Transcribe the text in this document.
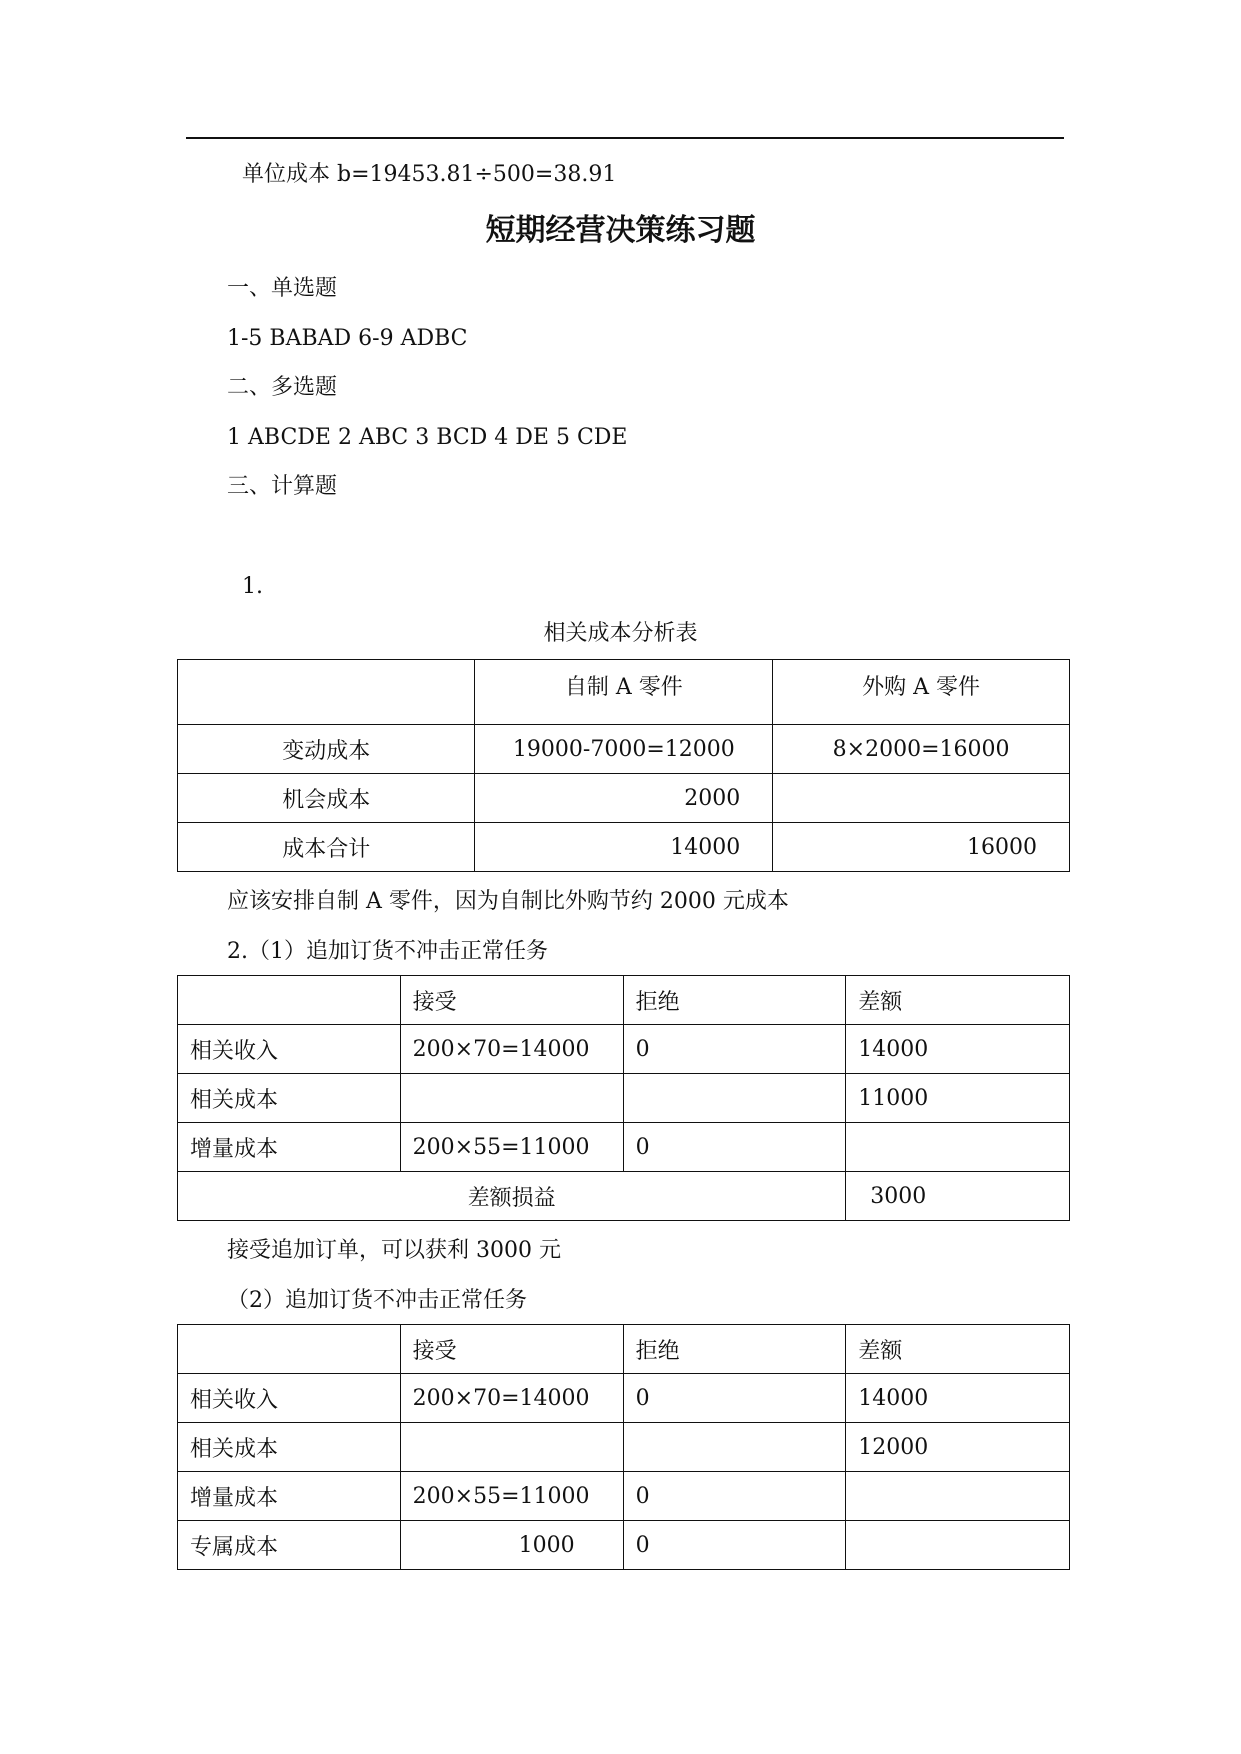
单位成本 b=19453.81÷500=38.91
短期经营决策练习题
一、单选题
1-5 BABAD 6-9 ADBC
二、多选题
1 ABCDE 2 ABC 3 BCD 4 DE 5 CDE
三、计算题
1.
相关成本分析表
	自制 A 零件	外购 A 零件
变动成本	19000-7000=12000	8×2000=16000
机会成本	2000	
成本合计	14000	16000
应该安排自制 A 零件，因为自制比外购节约 2000 元成本
2.（1）追加订货不冲击正常任务
	接受	拒绝	差额
相关收入	200×70=14000	0	14000
相关成本			11000
增量成本	200×55=11000	0	
差额损益			3000
接受追加订单，可以获利 3000 元
（2）追加订货不冲击正常任务
	接受	拒绝	差额
相关收入	200×70=14000	0	14000
相关成本			12000
增量成本	200×55=11000	0	
专属成本	1000	0	
